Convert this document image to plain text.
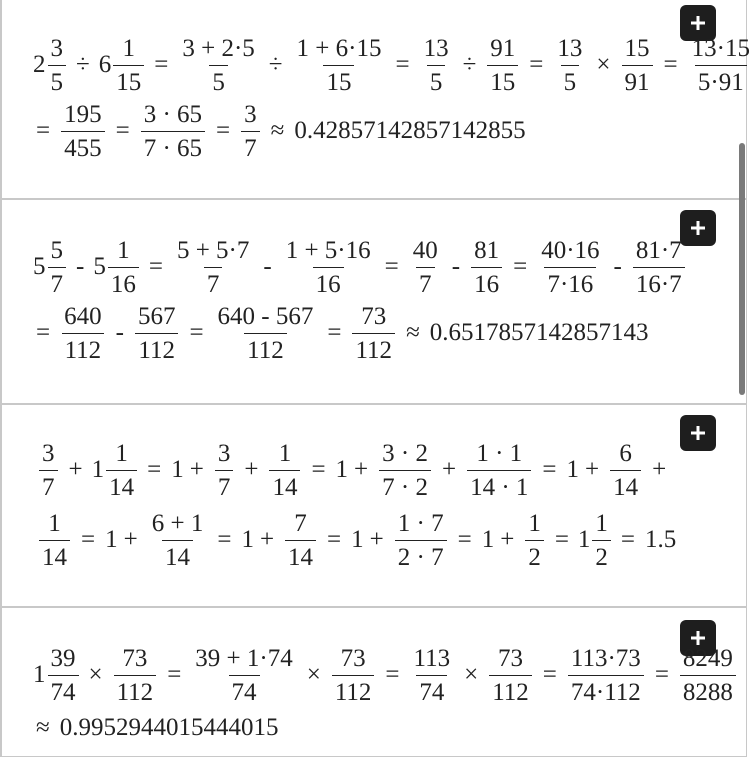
$2 \frac{3}{5} \div 6 \frac{1}{15} = \frac{3 + 2\cdot 5}{5} \div \frac{1 + 6\cdot 15}{15} = \frac{13}{5} \div \frac{91}{15} = \frac{13}{5} \times \frac{15}{91} = \frac{13\cdot 15}{5\cdot 91}$
= $\frac{195}{455} = \frac{3 \cdot 65}{7 \cdot 65} = \frac{3}{7} \approx 0.42857142857142855$
$5 \frac{5}{7} - 5 \frac{1}{16} = \frac{5 + 5\cdot 7}{7} - \frac{1 + 5\cdot 16}{16} = \frac{40}{7} - \frac{81}{16} = \frac{40\cdot 16}{7\cdot 16} - \frac{81\cdot 7}{16\cdot 7}$
= $\frac{640}{112} - \frac{567}{112} = \frac{640 - 567}{112} = \frac{73}{112} \approx 0.6517857142857143$
$\frac{3}{7} + 1 \frac{1}{14} = 1 + \frac{3}{7} + \frac{1}{14} = 1 + \frac{3 \cdot 2}{7 \cdot 2} + \frac{1 \cdot 1}{14 \cdot 1} = 1 + \frac{6}{14}$ +
$\frac{1}{14} = 1 + \frac{6 + 1}{14} = 1 + \frac{7}{14} = 1 + \frac{1 \cdot 7}{2 \cdot 7} = 1 + \frac{1}{2} = 1 \frac{1}{2} = 1.5$
$1 \frac{39}{74} \times \frac{73}{112} = \frac{39 + 1\cdot 74}{74} \times \frac{73}{112} = \frac{113}{74} \times \frac{73}{112} = \frac{113\cdot 73}{74\cdot 112} = \frac{8249}{8288}$
≈ 0.9952944015444015
